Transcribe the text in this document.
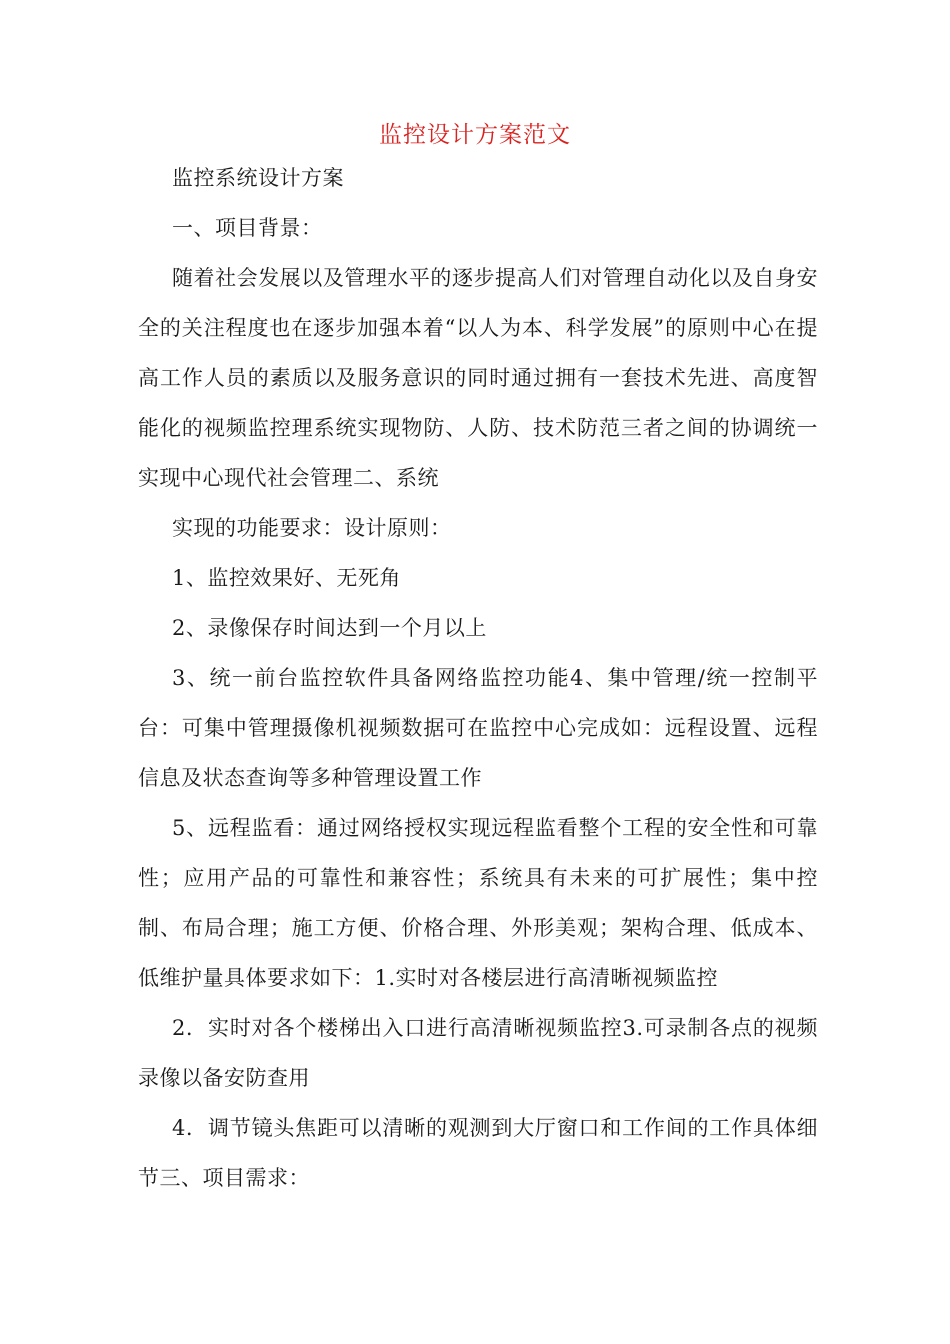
监控设计方案范文

监控系统设计方案

一、项目背景：

随着社会发展以及管理水平的逐步提高人们对管理自动化以及自身安全的关注程度也在逐步加强本着“以人为本、科学发展”的原则中心在提高工作人员的素质以及服务意识的同时通过拥有一套技术先进、高度智能化的视频监控理系统实现物防、人防、技术防范三者之间的协调统一实现中心现代社会管理二、系统

实现的功能要求：设计原则：

1、监控效果好、无死角

2、录像保存时间达到一个月以上

3、统一前台监控软件具备网络监控功能4、集中管理/统一控制平台：可集中管理摄像机视频数据可在监控中心完成如：远程设置、远程信息及状态查询等多种管理设置工作

5、远程监看：通过网络授权实现远程监看整个工程的安全性和可靠性；应用产品的可靠性和兼容性；系统具有未来的可扩展性；集中控制、布局合理；施工方便、价格合理、外形美观；架构合理、低成本、低维护量具体要求如下：1.实时对各楼层进行高清晰视频监控

2.  实时对各个楼梯出入口进行高清晰视频监控3.可录制各点的视频录像以备安防查用

4.  调节镜头焦距可以清晰的观测到大厅窗口和工作间的工作具体细节三、项目需求：
